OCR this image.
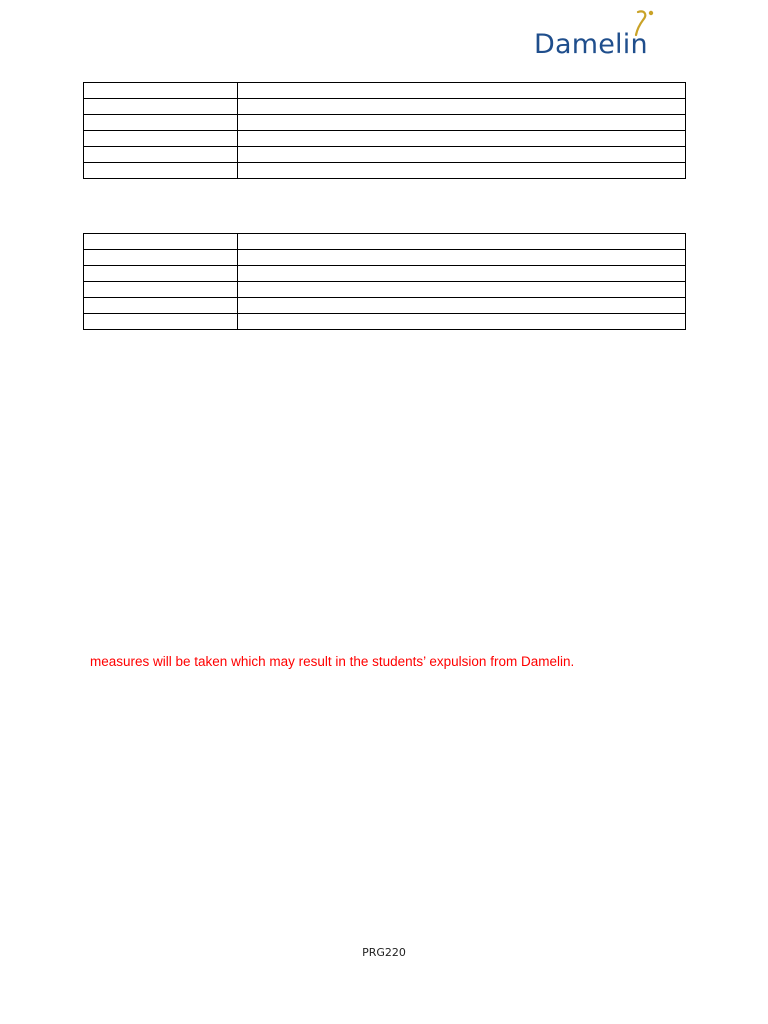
Damelin

measures will be taken which may result in the students’ expulsion from Damelin.
PRG220
